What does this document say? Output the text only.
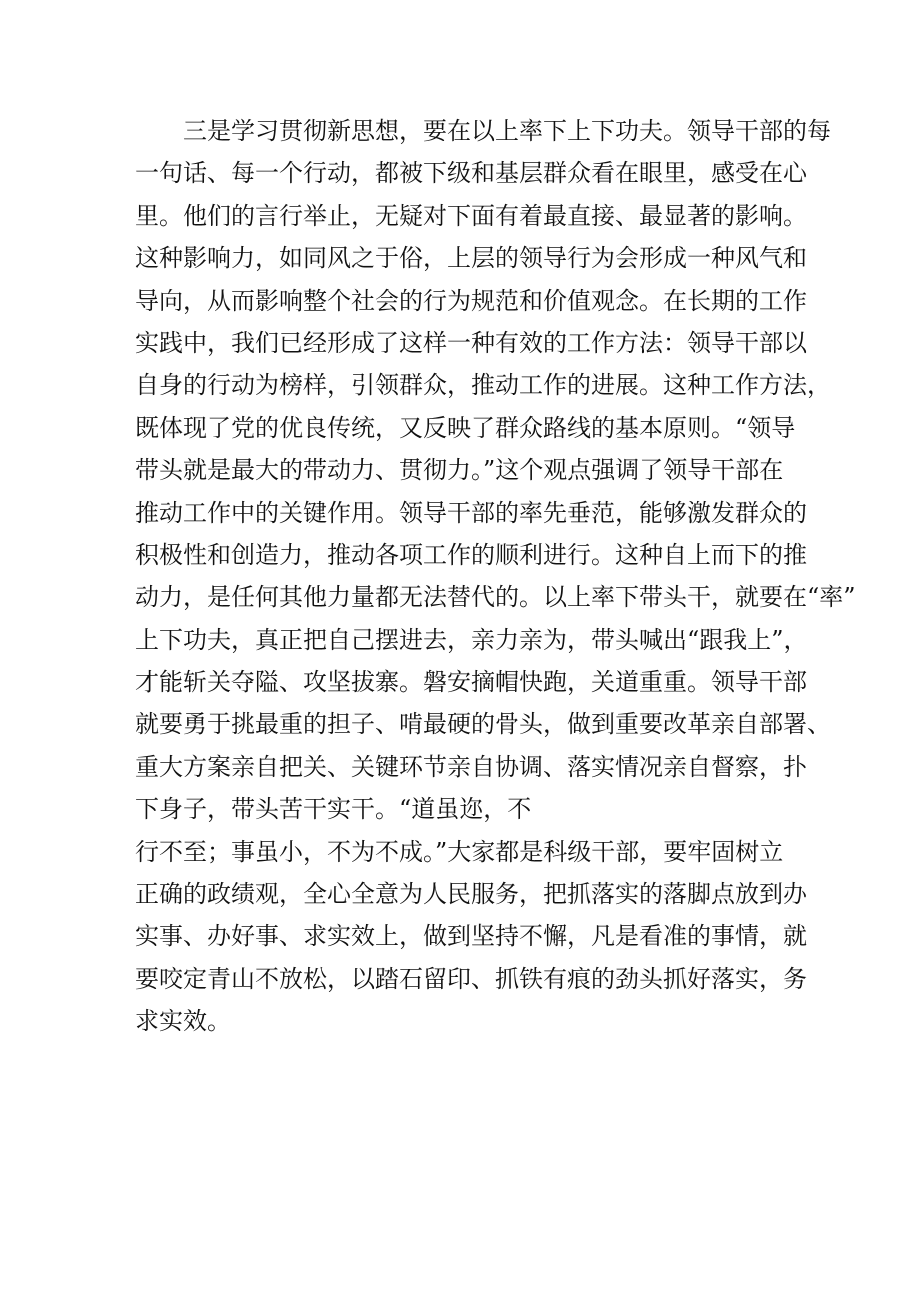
　　三是学习贯彻新思想，要在以上率下上下功夫。领导干部的每
一句话、每一个行动，都被下级和基层群众看在眼里，感受在心
里。他们的言行举止，无疑对下面有着最直接、最显著的影响。
这种影响力，如同风之于俗，上层的领导行为会形成一种风气和
导向，从而影响整个社会的行为规范和价值观念。在长期的工作
实践中，我们已经形成了这样一种有效的工作方法：领导干部以
自身的行动为榜样，引领群众，推动工作的进展。这种工作方法，
既体现了党的优良传统，又反映了群众路线的基本原则。“领导
带头就是最大的带动力、贯彻力。”这个观点强调了领导干部在
推动工作中的关键作用。领导干部的率先垂范，能够激发群众的
积极性和创造力，推动各项工作的顺利进行。这种自上而下的推
动力，是任何其他力量都无法替代的。以上率下带头干，就要在“率”
上下功夫，真正把自己摆进去，亲力亲为，带头喊出“跟我上”，
才能斩关夺隘、攻坚拔寨。磐安摘帽快跑，关道重重。领导干部
就要勇于挑最重的担子、啃最硬的骨头，做到重要改革亲自部署、
重大方案亲自把关、关键环节亲自协调、落实情况亲自督察，扑
下身子，带头苦干实干。“道虽迩，不
行不至；事虽小，不为不成。”大家都是科级干部，要牢固树立
正确的政绩观，全心全意为人民服务，把抓落实的落脚点放到办
实事、办好事、求实效上，做到坚持不懈，凡是看准的事情，就
要咬定青山不放松，以踏石留印、抓铁有痕的劲头抓好落实，务
求实效。
